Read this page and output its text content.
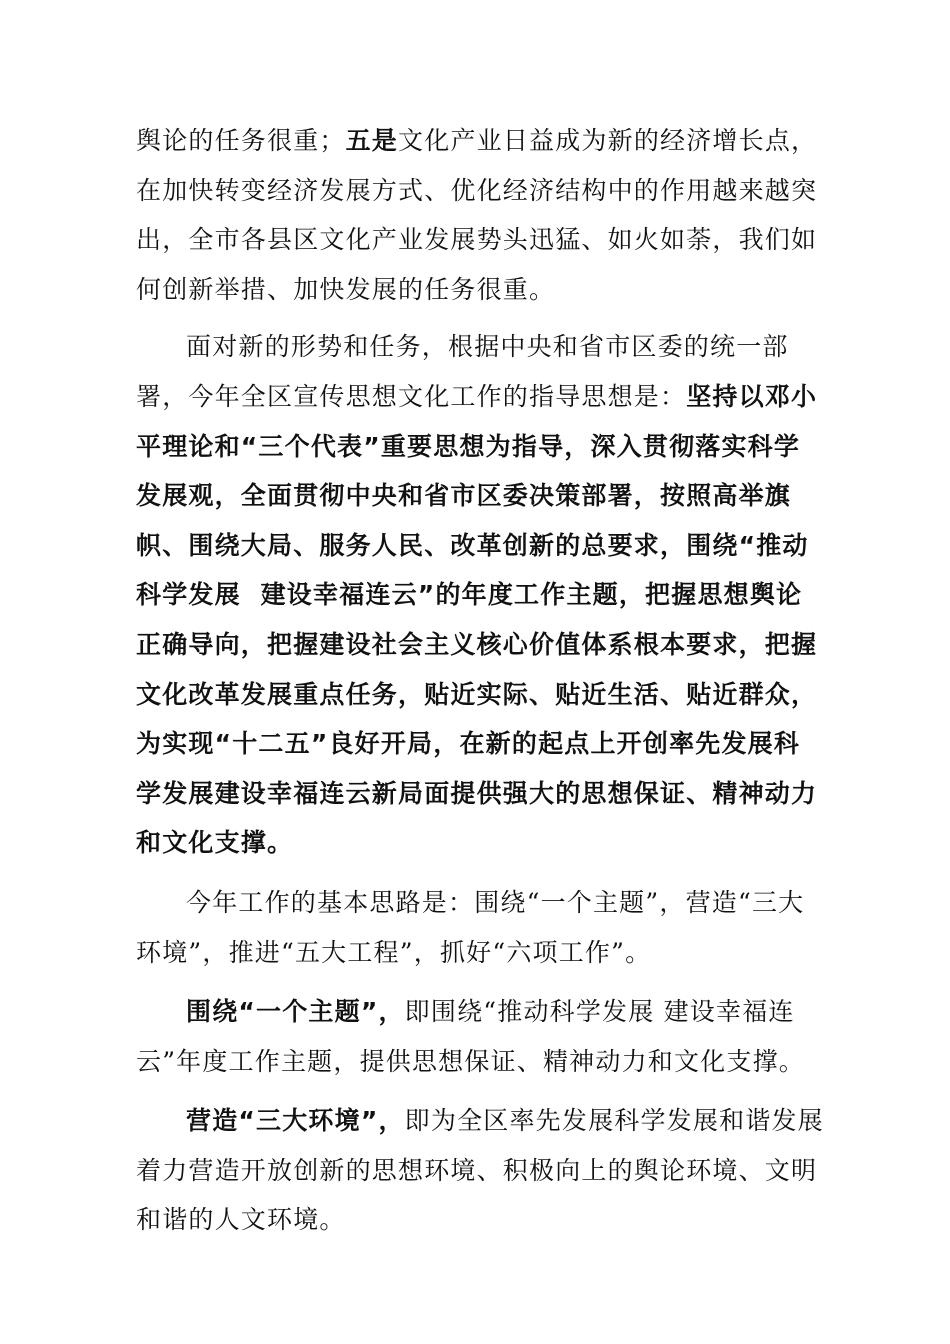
舆论的任务很重；五是文化产业日益成为新的经济增长点，在加快转变经济发展方式、优化经济结构中的作用越来越突出，全市各县区文化产业发展势头迅猛、如火如荼，我们如何创新举措、加快发展的任务很重。

面对新的形势和任务，根据中央和省市区委的统一部署，今年全区宣传思想文化工作的指导思想是：坚持以邓小平理论和“三个代表”重要思想为指导，深入贯彻落实科学发展观，全面贯彻中央和省市区委决策部署，按照高举旗帜、围绕大局、服务人民、改革创新的总要求，围绕“推动科学发展  建设幸福连云”的年度工作主题，把握思想舆论正确导向，把握建设社会主义核心价值体系根本要求，把握文化改革发展重点任务，贴近实际、贴近生活、贴近群众，为实现“十二五”良好开局，在新的起点上开创率先发展科学发展建设幸福连云新局面提供强大的思想保证、精神动力和文化支撑。

今年工作的基本思路是：围绕“一个主题”，营造“三大环境”，推进“五大工程”，抓好“六项工作”。

围绕“一个主题”，即围绕“推动科学发展 建设幸福连云”年度工作主题，提供思想保证、精神动力和文化支撑。

营造“三大环境”，即为全区率先发展科学发展和谐发展着力营造开放创新的思想环境、积极向上的舆论环境、文明和谐的人文环境。
